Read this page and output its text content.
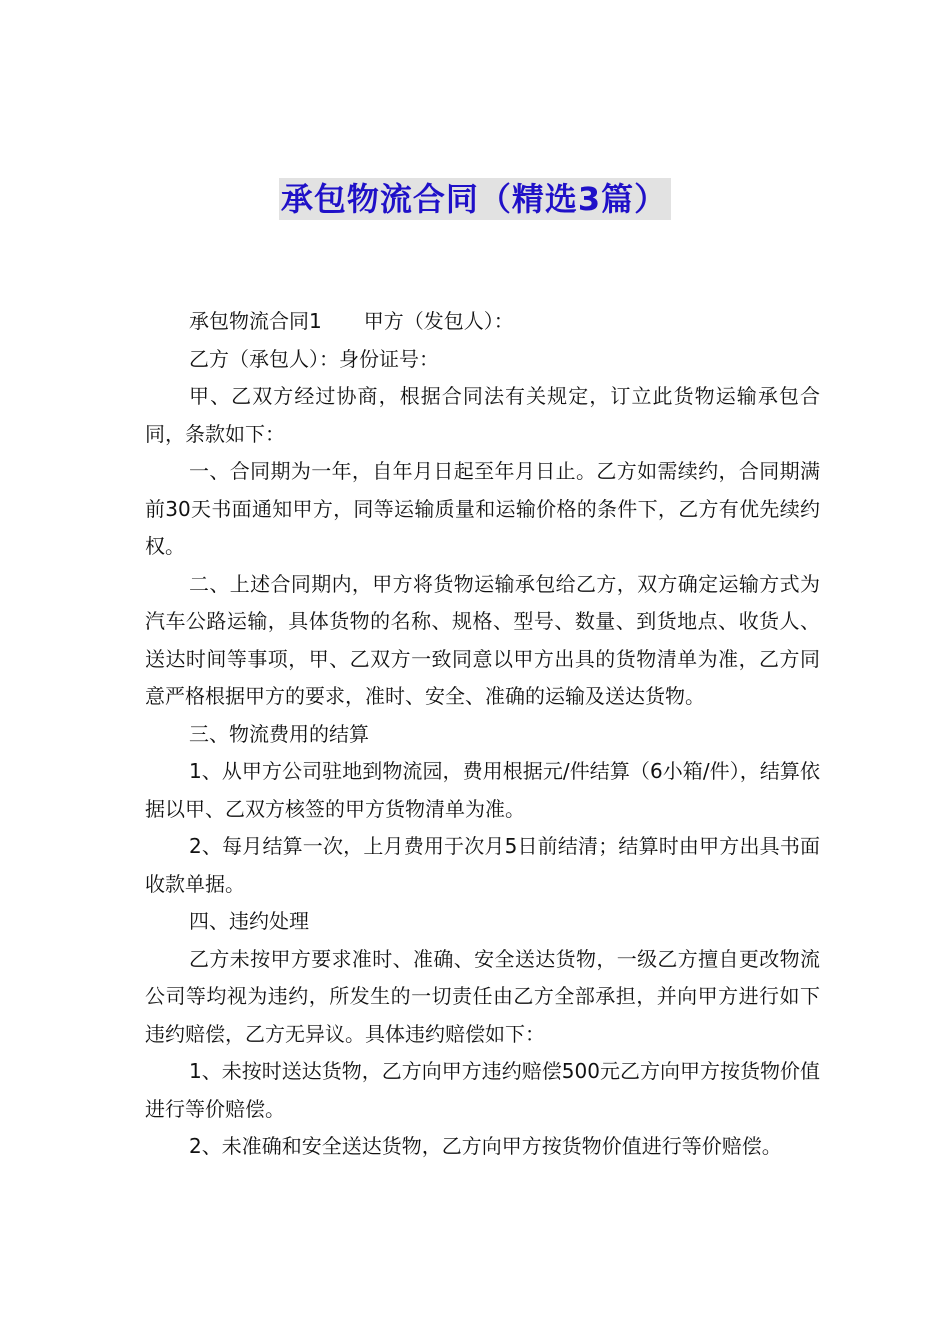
承包物流合同（精选3篇）

承包物流合同1 甲方（发包人）：

乙方（承包人）：身份证号：

甲、乙双方经过协商，根据合同法有关规定，订立此货物运输承包合同，条款如下：

一、合同期为一年，自年月日起至年月日止。乙方如需续约，合同期满前30天书面通知甲方，同等运输质量和运输价格的条件下，乙方有优先续约权。

二、上述合同期内，甲方将货物运输承包给乙方，双方确定运输方式为汽车公路运输，具体货物的名称、规格、型号、数量、到货地点、收货人、送达时间等事项，甲、乙双方一致同意以甲方出具的货物清单为准，乙方同意严格根据甲方的要求，准时、安全、准确的运输及送达货物。

三、物流费用的结算

1、从甲方公司驻地到物流园，费用根据元/件结算（6小箱/件），结算依据以甲、乙双方核签的甲方货物清单为准。

2、每月结算一次，上月费用于次月5日前结清；结算时由甲方出具书面收款单据。

四、违约处理

乙方未按甲方要求准时、准确、安全送达货物，一级乙方擅自更改物流公司等均视为违约，所发生的一切责任由乙方全部承担，并向甲方进行如下违约赔偿，乙方无异议。具体违约赔偿如下：

1、未按时送达货物，乙方向甲方违约赔偿500元乙方向甲方按货物价值进行等价赔偿。

2、未准确和安全送达货物，乙方向甲方按货物价值进行等价赔偿。
